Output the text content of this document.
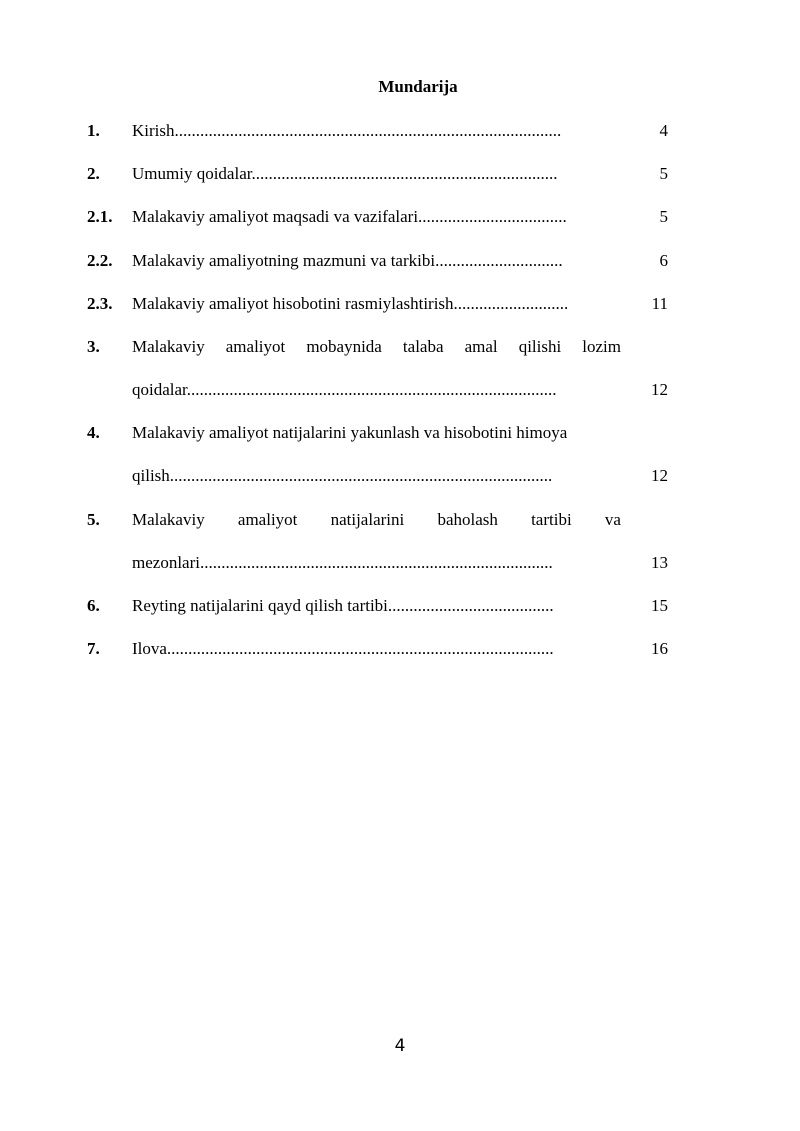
Mundarija
1. Kirish...........................................................................................	4
2. Umumiy qoidalar........................................................................	5
2.1. Malakaviy amaliyot maqsadi va vazifalari...................................	5
2.2. Malakaviy amaliyotning mazmuni va tarkibi..............................	6
2.3. Malakaviy amaliyot hisobotini rasmiylashtirish...........................	11
3. Malakaviy amaliyot mobaynida talaba amal qilishi lozim
qoidalar.......................................................................................	12
4. Malakaviy amaliyot natijalarini yakunlash va hisobotini himoya
qilish..........................................................................................	12
5. Malakaviy amaliyot natijalarini baholash tartibi va
mezonlari...................................................................................	13
6. Reyting natijalarini qayd qilish tartibi.......................................	15
7. Ilova...........................................................................................	16
4
